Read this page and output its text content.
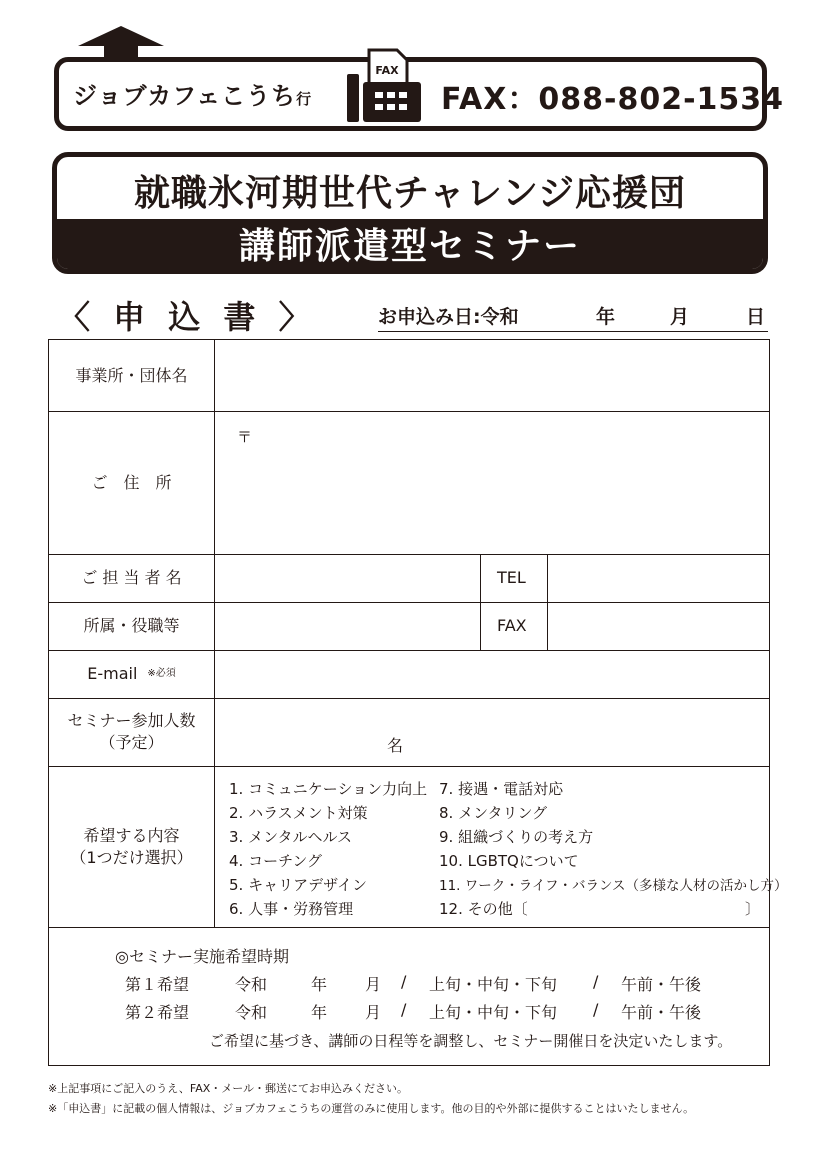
ジョブカフェこうち行
FAX
FAX：088-802-1534
就職氷河期世代チャレンジ応援団
講師派遣型セミナー
〈 申 込 書 〉	お申込み日:令和	年	月	日
事業所・団体名
ご　住　所
〒
ご 担 当 者 名	TEL
所属・役職等	FAX
E-mail ※必須
セミナー参加人数
（予定）	名
希望する内容
（1つだけ選択）
1. コミュニケーション力向上
2. ハラスメント対策
3. メンタルヘルス
4. コーチング
5. キャリアデザイン
6. 人事・労務管理
7. 接遇・電話対応
8. メンタリング
9. 組織づくりの考え方
10. LGBTQについて
11. ワーク・ライフ・バランス（多様な人材の活かし方）
12. その他〔	〕
◎セミナー実施希望時期
第１希望	令和	年 月 / 上旬・中旬・下旬 / 午前・午後
第２希望	令和	年 月 / 上旬・中旬・下旬 / 午前・午後
ご希望に基づき、講師の日程等を調整し、セミナー開催日を決定いたします。
※上記事項にご記入のうえ、FAX・メール・郵送にてお申込みください。
※「申込書」に記載の個人情報は、ジョブカフェこうちの運営のみに使用します。他の目的や外部に提供することはいたしません。
